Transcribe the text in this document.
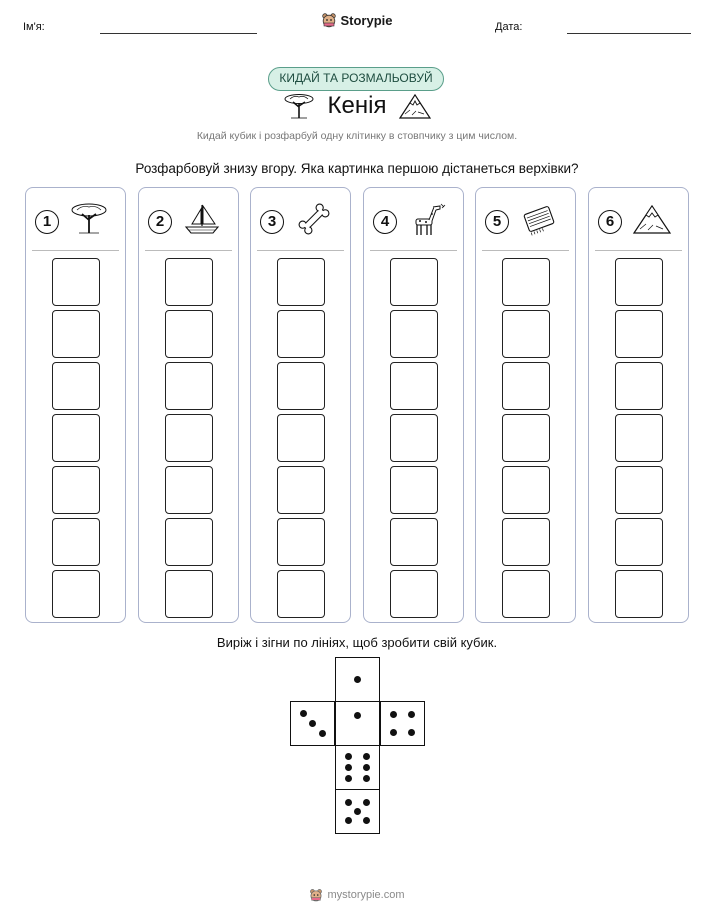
Ім'я:	Дата:
Storypie
КИДАЙ ТА РОЗМАЛЬОВУЙ
Кенія
Кидай кубик і розфарбуй одну клітинку в стовпчику з цим числом.
Розфарбовуй знизу вгору. Яка картинка першою дістанеться верхівки?
1	2	3	4	5	6
Виріж і зігни по лініях, щоб зробити свій кубик.
mystorypie.com
